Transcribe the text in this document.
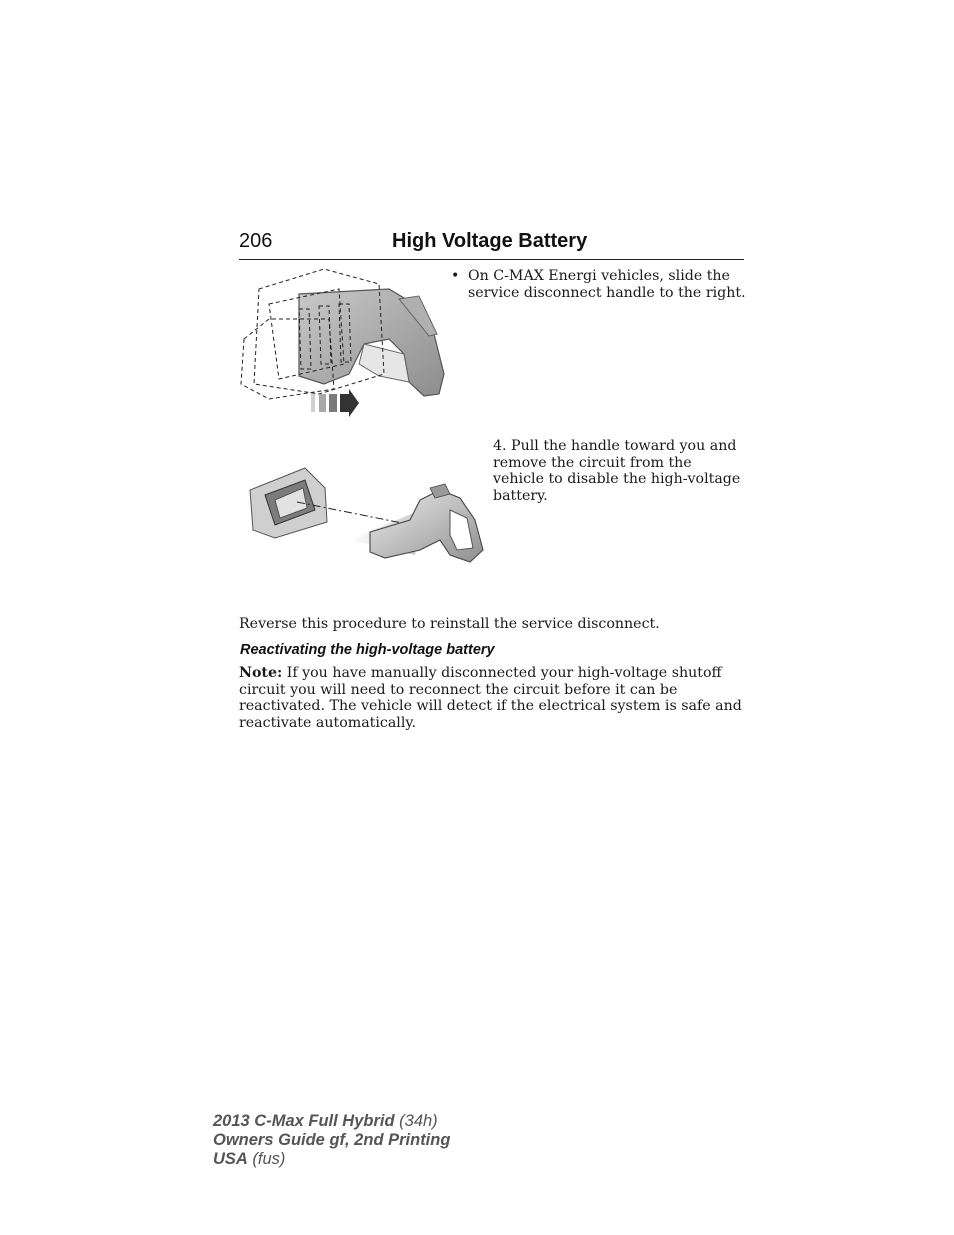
206	High Voltage Battery
• On C-MAX Energi vehicles, slide the service disconnect handle to the right.
4. Pull the handle toward you and remove the circuit from the vehicle to disable the high-voltage battery.
Reverse this procedure to reinstall the service disconnect.
Reactivating the high-voltage battery
Note: If you have manually disconnected your high-voltage shutoff circuit you will need to reconnect the circuit before it can be reactivated. The vehicle will detect if the electrical system is safe and reactivate automatically.
2013 C-Max Full Hybrid (34h)
Owners Guide gf, 2nd Printing
USA (fus)
